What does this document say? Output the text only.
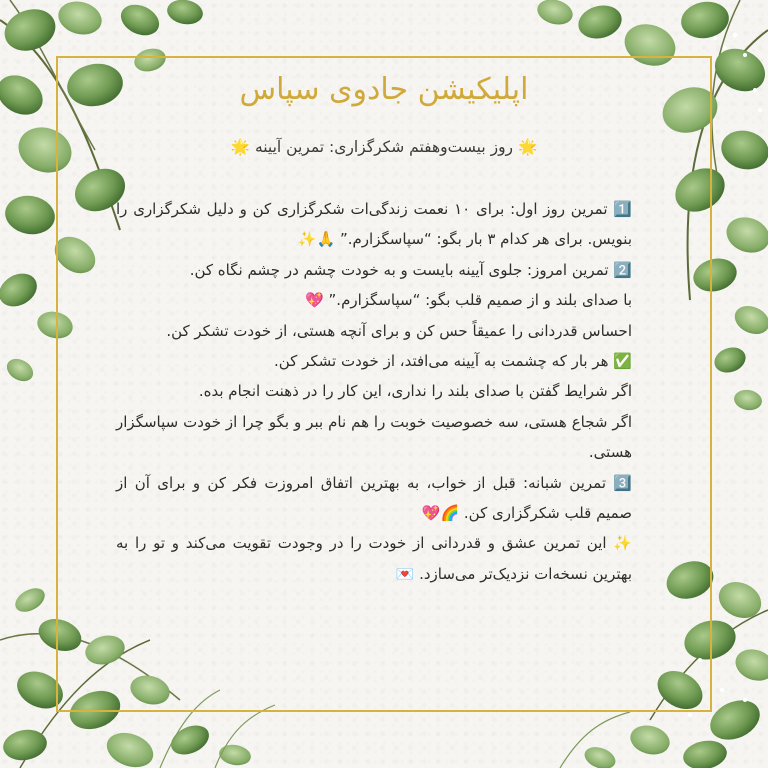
اپلیکیشن جادوی سپاس
🌟 روز بیست‌وهفتم شکرگزاری: تمرین آیینه 🌟
1️⃣ تمرین روز اول: برای ۱۰ نعمت زندگی‌ات شکرگزاری کن و دلیل شکرگزاری را بنویس. برای هر کدام ۳ بار بگو: “سپاسگزارم.” 🙏✨
2️⃣ تمرین امروز: جلوی آیینه بایست و به خودت چشم در چشم نگاه کن.
با صدای بلند و از صمیم قلب بگو: “سپاسگزارم.” 💖
احساس قدردانی را عمیقاً حس کن و برای آنچه هستی، از خودت تشکر کن.
✅ هر بار که چشمت به آیینه می‌افتد، از خودت تشکر کن.
اگر شرایط گفتن با صدای بلند را نداری، این کار را در ذهنت انجام بده.
اگر شجاع هستی، سه خصوصیت خوبت را هم نام ببر و بگو چرا از خودت سپاسگزار هستی.
3️⃣ تمرین شبانه: قبل از خواب، به بهترین اتفاق امروزت فکر کن و برای آن از صمیم قلب شکرگزاری کن. 🌈💖
✨ این تمرین عشق و قدردانی از خودت را در وجودت تقویت می‌کند و تو را به بهترین نسخه‌ات نزدیک‌تر می‌سازد. 💌
